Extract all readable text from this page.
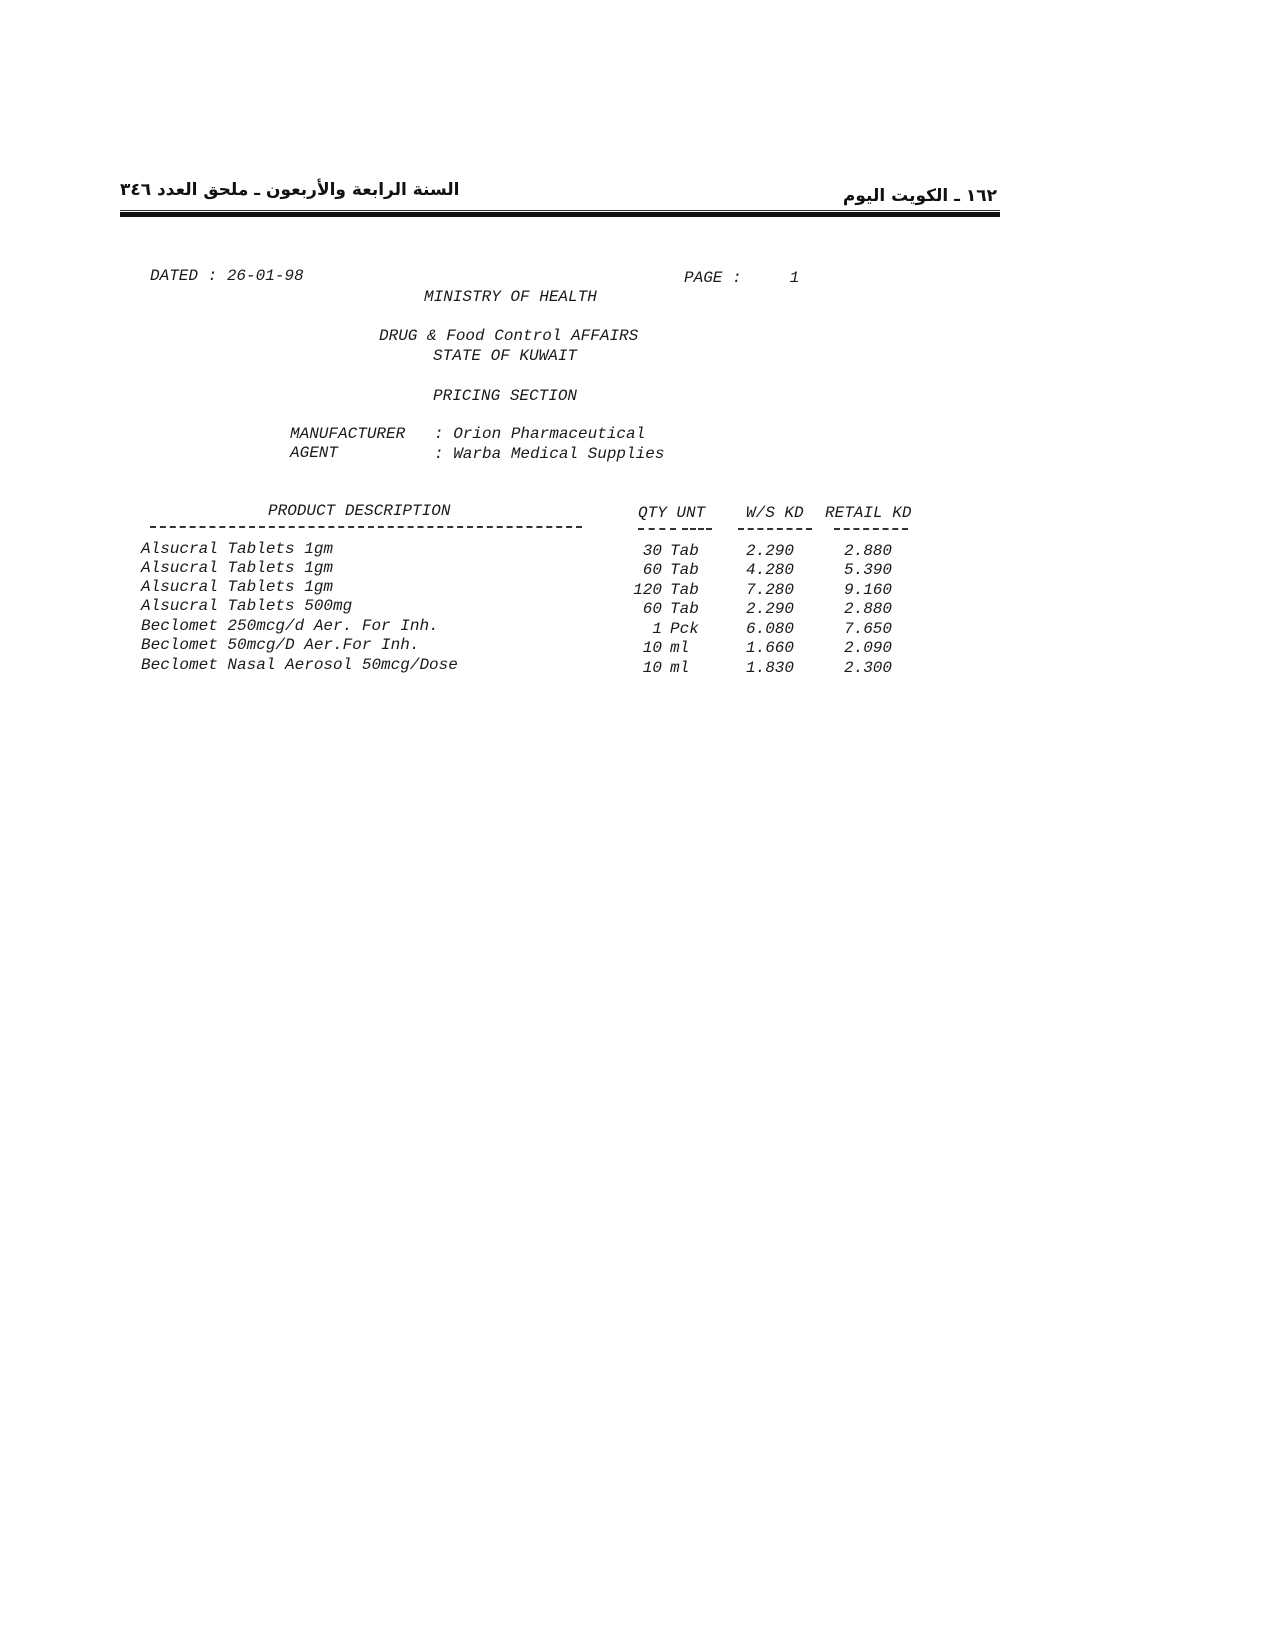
السنة الرابعة والأربعون ـ ملحق العدد ٣٤٦	١٦٢ ـ الكويت اليوم
DATED : 26-01-98	PAGE :     1
MINISTRY OF HEALTH
DRUG & Food Control AFFAIRS
STATE OF KUWAIT
PRICING SECTION
MANUFACTURER : Orion Pharmaceutical
AGENT	: Warba Medical Supplies
PRODUCT DESCRIPTION	QTY UNT	W/S KD RETAIL KD
Alsucral Tablets 1gm	30 Tab	2.290	2.880
Alsucral Tablets 1gm	60 Tab	4.280	5.390
Alsucral Tablets 1gm	120 Tab	7.280	9.160
Alsucral Tablets 500mg	60 Tab	2.290	2.880
Beclomet 250mcg/d Aer. For Inh.	1 Pck	6.080	7.650
Beclomet 50mcg/D Aer.For Inh.	10 ml	1.660	2.090
Beclomet Nasal Aerosol 50mcg/Dose	10 ml	1.830	2.300
